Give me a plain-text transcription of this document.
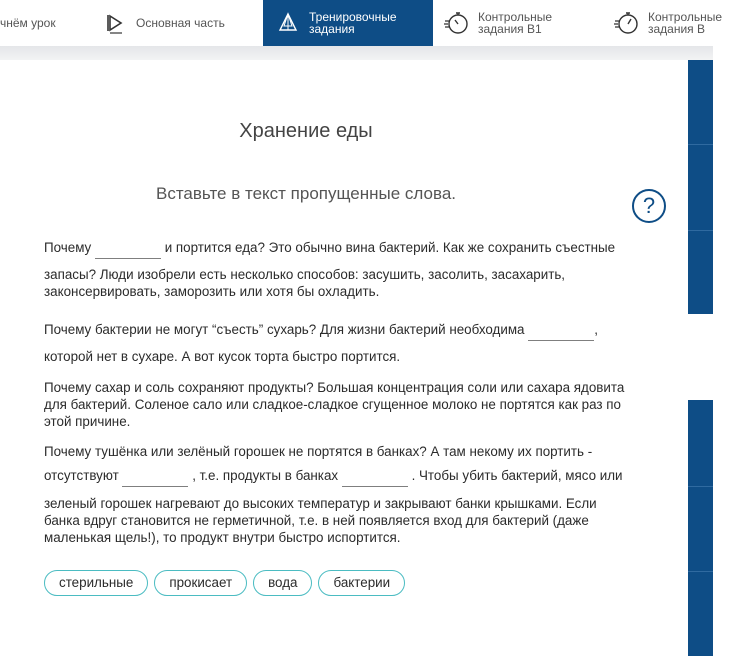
чнём урок	Основная часть	Тренировочные
задания
Контрольные
задания В1
Контрольные
задания В
Хранение еды
Вставьте в текст пропущенные слова.	?
Почему	и портится еда? Это обычно вина бактерий. Как же сохранить съестные
запасы? Люди изобрели есть несколько способов: засушить, засолить, засахарить,
законсервировать, заморозить или хотя бы охладить.
Почему бактерии не могут “съесть” сухарь? Для жизни бактерий необходима	,
которой нет в сухаре. А вот кусок торта быстро портится.
Почему сахар и соль сохраняют продукты? Большая концентрация соли или сахара ядовита
для бактерий. Соленое сало или сладкое-сладкое сгущенное молоко не портятся как раз по
этой причине.
Почему тушёнка или зелёный горошек не портятся в банках? А там некому их портить -
отсутствуют	, т.е. продукты в банках	. Чтобы убить бактерий, мясо или
зеленый горошек нагревают до высоких температур и закрывают банки крышками. Если
банка вдруг становится не герметичной, т.е. в ней появляется вход для бактерий (даже
маленькая щель!), то продукт внутри быстро испортится.
стерильные	прокисает	вода	бактерии
